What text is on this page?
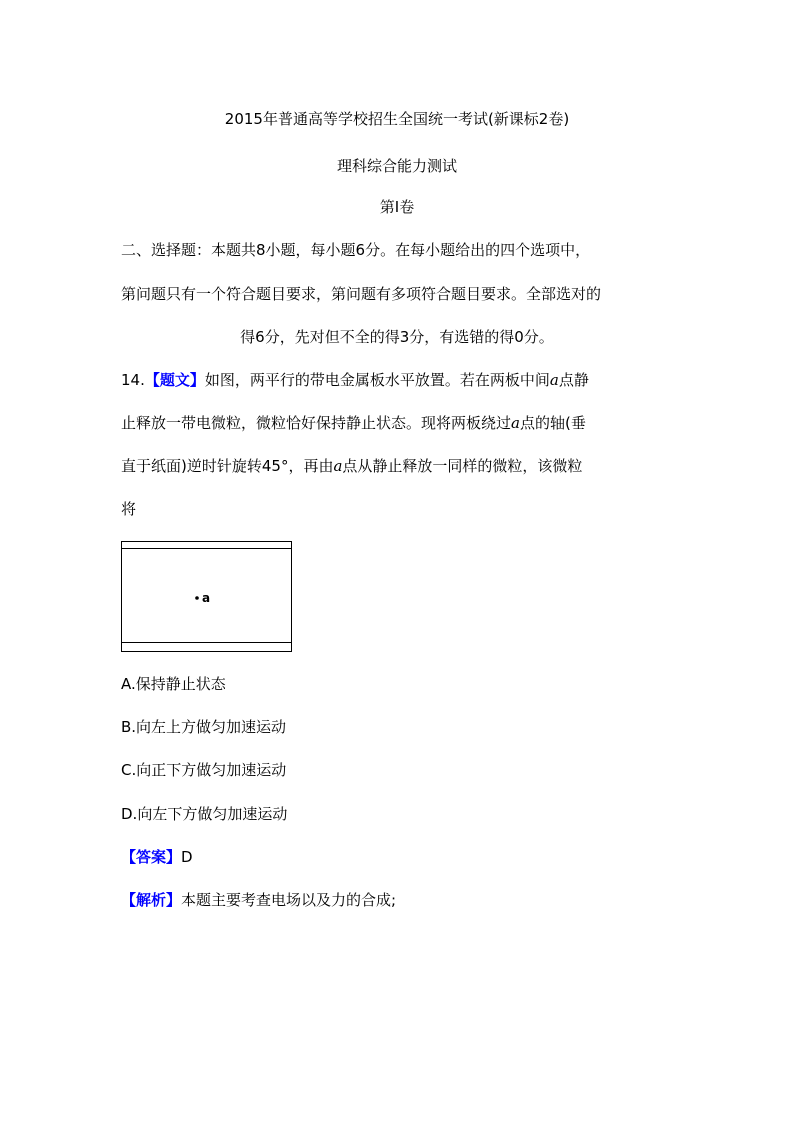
2015年普通高等学校招生全国统一考试(新课标2卷)
理科综合能力测试
第Ⅰ卷
二、选择题：本题共8小题，每小题6分。在每小题给出的四个选项中，
第问题只有一个符合题目要求，第问题有多项符合题目要求。全部选对的
得6分，先对但不全的得3分，有选错的得0分。
14.【题文】如图，两平行的带电金属板水平放置。若在两板中间a点静
止释放一带电微粒，微粒恰好保持静止状态。现将两板绕过a点的轴(垂
直于纸面)逆时针旋转45°，再由a点从静止释放一同样的微粒，该微粒
将
a
A.保持静止状态
B.向左上方做匀加速运动
C.向正下方做匀加速运动
D.向左下方做匀加速运动
【答案】D
【解析】本题主要考查电场以及力的合成;
